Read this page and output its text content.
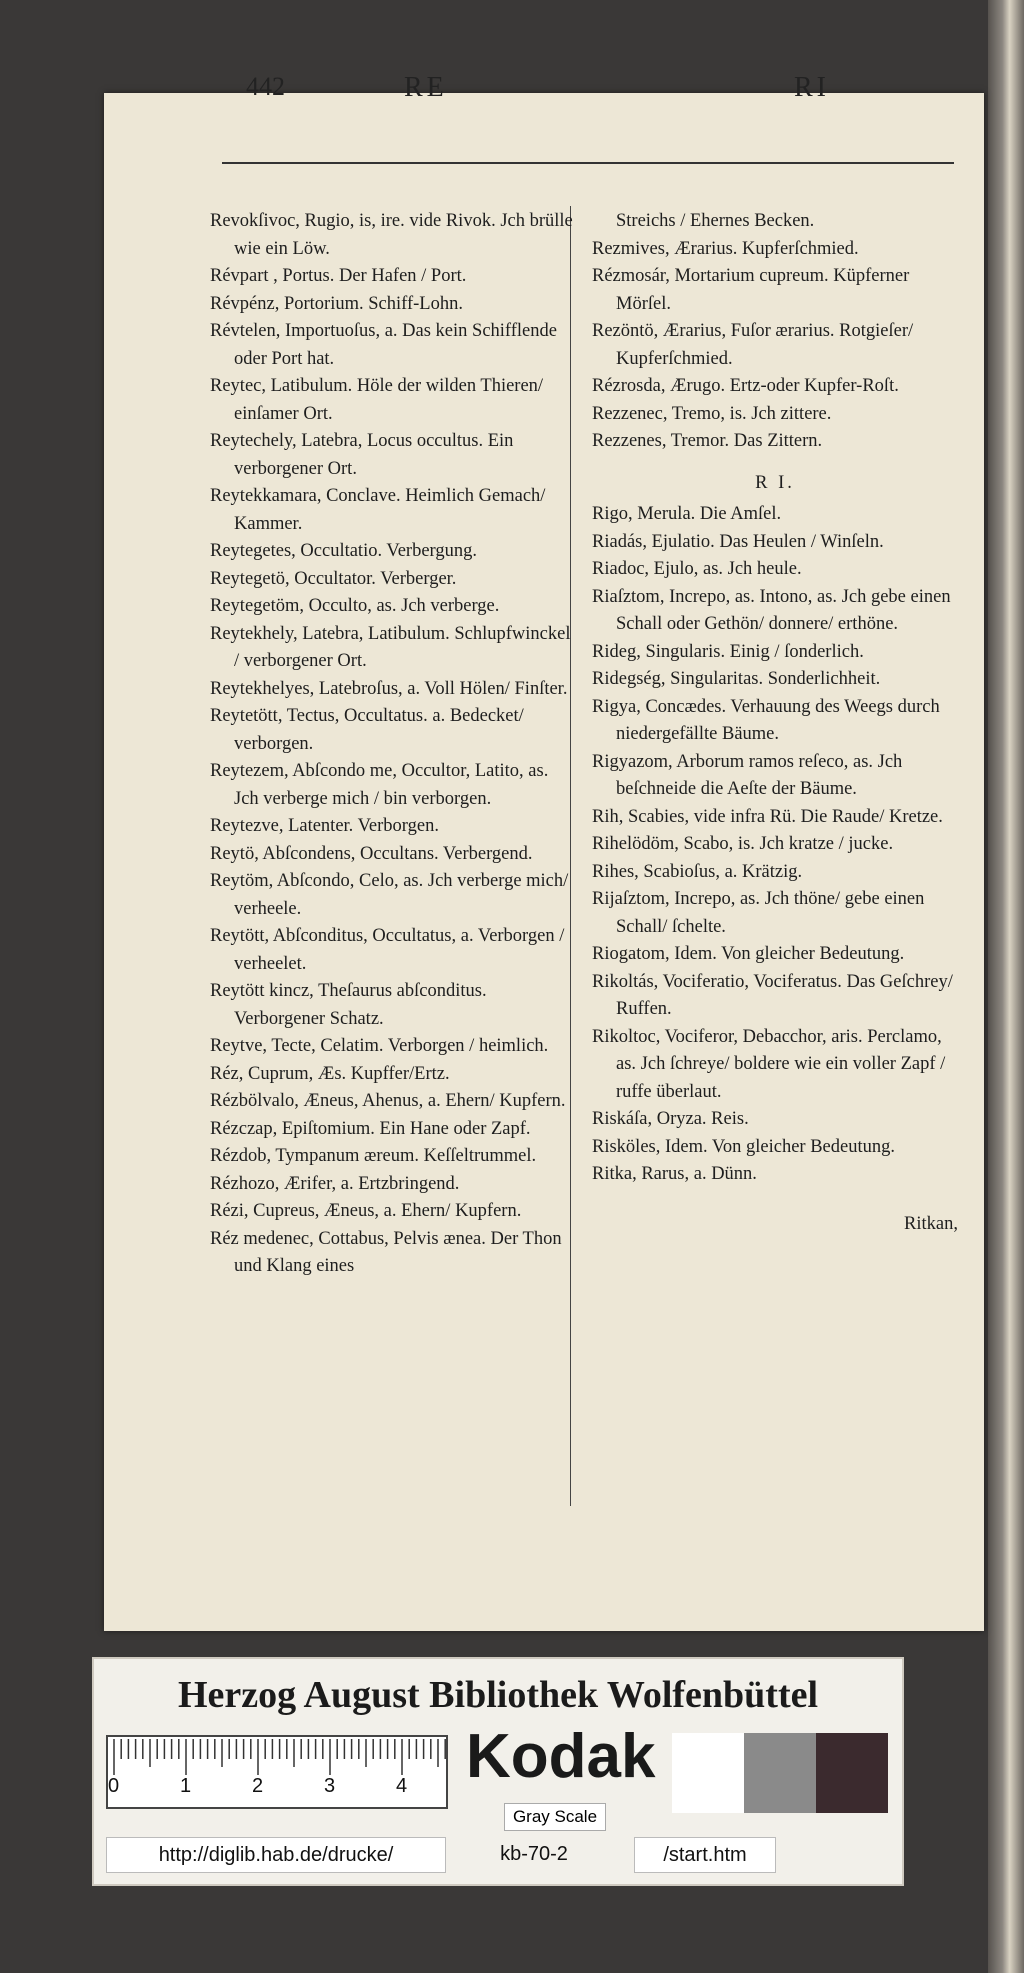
442	RE	RI

Revokſivoc, Rugio, is, ire. vide Rivok. Jch brülle wie ein Löw.

Révpart , Portus. Der Hafen / Port.

Révpénz, Portorium. Schiff-Lohn.

Révtelen, Importuoſus, a. Das kein Schifflende oder Port hat.

Reytec, Latibulum. Höle der wilden Thieren/ einſamer Ort.

Reytechely, Latebra, Locus occultus. Ein verborgener Ort.

Reytekkamara, Conclave. Heimlich Gemach/ Kammer.

Reytegetes, Occultatio. Verbergung.

Reytegetö, Occultator. Verberger.

Reytegetöm, Occulto, as. Jch verberge.

Reytekhely, Latebra, Latibulum. Schlupfwinckel / verborgener Ort.

Reytekhelyes, Latebroſus, a. Voll Hölen/ Finſter.

Reytetött, Tectus, Occultatus. a. Bedecket/ verborgen.

Reytezem, Abſcondo me, Occultor, Latito, as. Jch verberge mich / bin verborgen.

Reytezve, Latenter. Verborgen.

Reytö, Abſcondens, Occultans. Verbergend.

Reytöm, Abſcondo, Celo, as. Jch verberge mich/ verheele.

Reytött, Abſconditus, Occultatus, a. Verborgen / verheelet.

Reytött kincz, Theſaurus abſconditus. Verborgener Schatz.

Reytve, Tecte, Celatim. Verborgen / heimlich.

Réz, Cuprum, Æs. Kupffer/Ertz.

Rézbölvalo, Æneus, Ahenus, a. Ehern/ Kupfern.

Rézczap, Epiſtomium. Ein Hane oder Zapf.

Rézdob, Tympanum æreum. Keſſeltrummel.

Rézhozo, Ærifer, a. Ertzbringend.

Rézi, Cupreus, Æneus, a. Ehern/ Kupfern.

Réz medenec, Cottabus, Pelvis ænea. Der Thon und Klang eines

Streichs / Ehernes Becken.

Rezmives, Ærarius. Kupferſchmied.

Rézmosár, Mortarium cupreum. Küpferner Mörſel.

Rezöntö, Ærarius, Fuſor ærarius. Rotgieſer/ Kupferſchmied.

Rézrosda, Ærugo. Ertz-oder Kupfer-Roſt.

Rezzenec, Tremo, is. Jch zittere.

Rezzenes, Tremor. Das Zittern.

R I.

Rigo, Merula. Die Amſel.

Riadás, Ejulatio. Das Heulen / Winſeln.

Riadoc, Ejulo, as. Jch heule.

Riaſztom, Increpo, as. Intono, as. Jch gebe einen Schall oder Gethön/ donnere/ erthöne.

Rideg, Singularis. Einig / ſonderlich.

Ridegség, Singularitas. Sonderlichheit.

Rigya, Concædes. Verhauung des Weegs durch niedergefällte Bäume.

Rigyazom, Arborum ramos reſeco, as. Jch beſchneide die Aeſte der Bäume.

Rih, Scabies, vide infra Rü. Die Raude/ Kretze.

Rihelödöm, Scabo, is. Jch kratze / jucke.

Rihes, Scabioſus, a. Krätzig.

Rijaſztom, Increpo, as. Jch thöne/ gebe einen Schall/ ſchelte.

Riogatom, Idem. Von gleicher Bedeutung.

Rikoltás, Vociferatio, Vociferatus. Das Geſchrey/ Ruffen.

Rikoltoc, Vociferor, Debacchor, aris. Perclamo, as. Jch ſchreye/ boldere wie ein voller Zapf / ruffe überlaut.

Riskáſa, Oryza. Reis.

Risköles, Idem. Von gleicher Bedeutung.

Ritka, Rarus, a. Dünn.

Ritkan,

Herzog August Bibliothek Wolfenbüttel
0	1	2	3	4 Kodak
Gray Scale
http://diglib.hab.de/drucke/	kb-70-2	/start.htm
